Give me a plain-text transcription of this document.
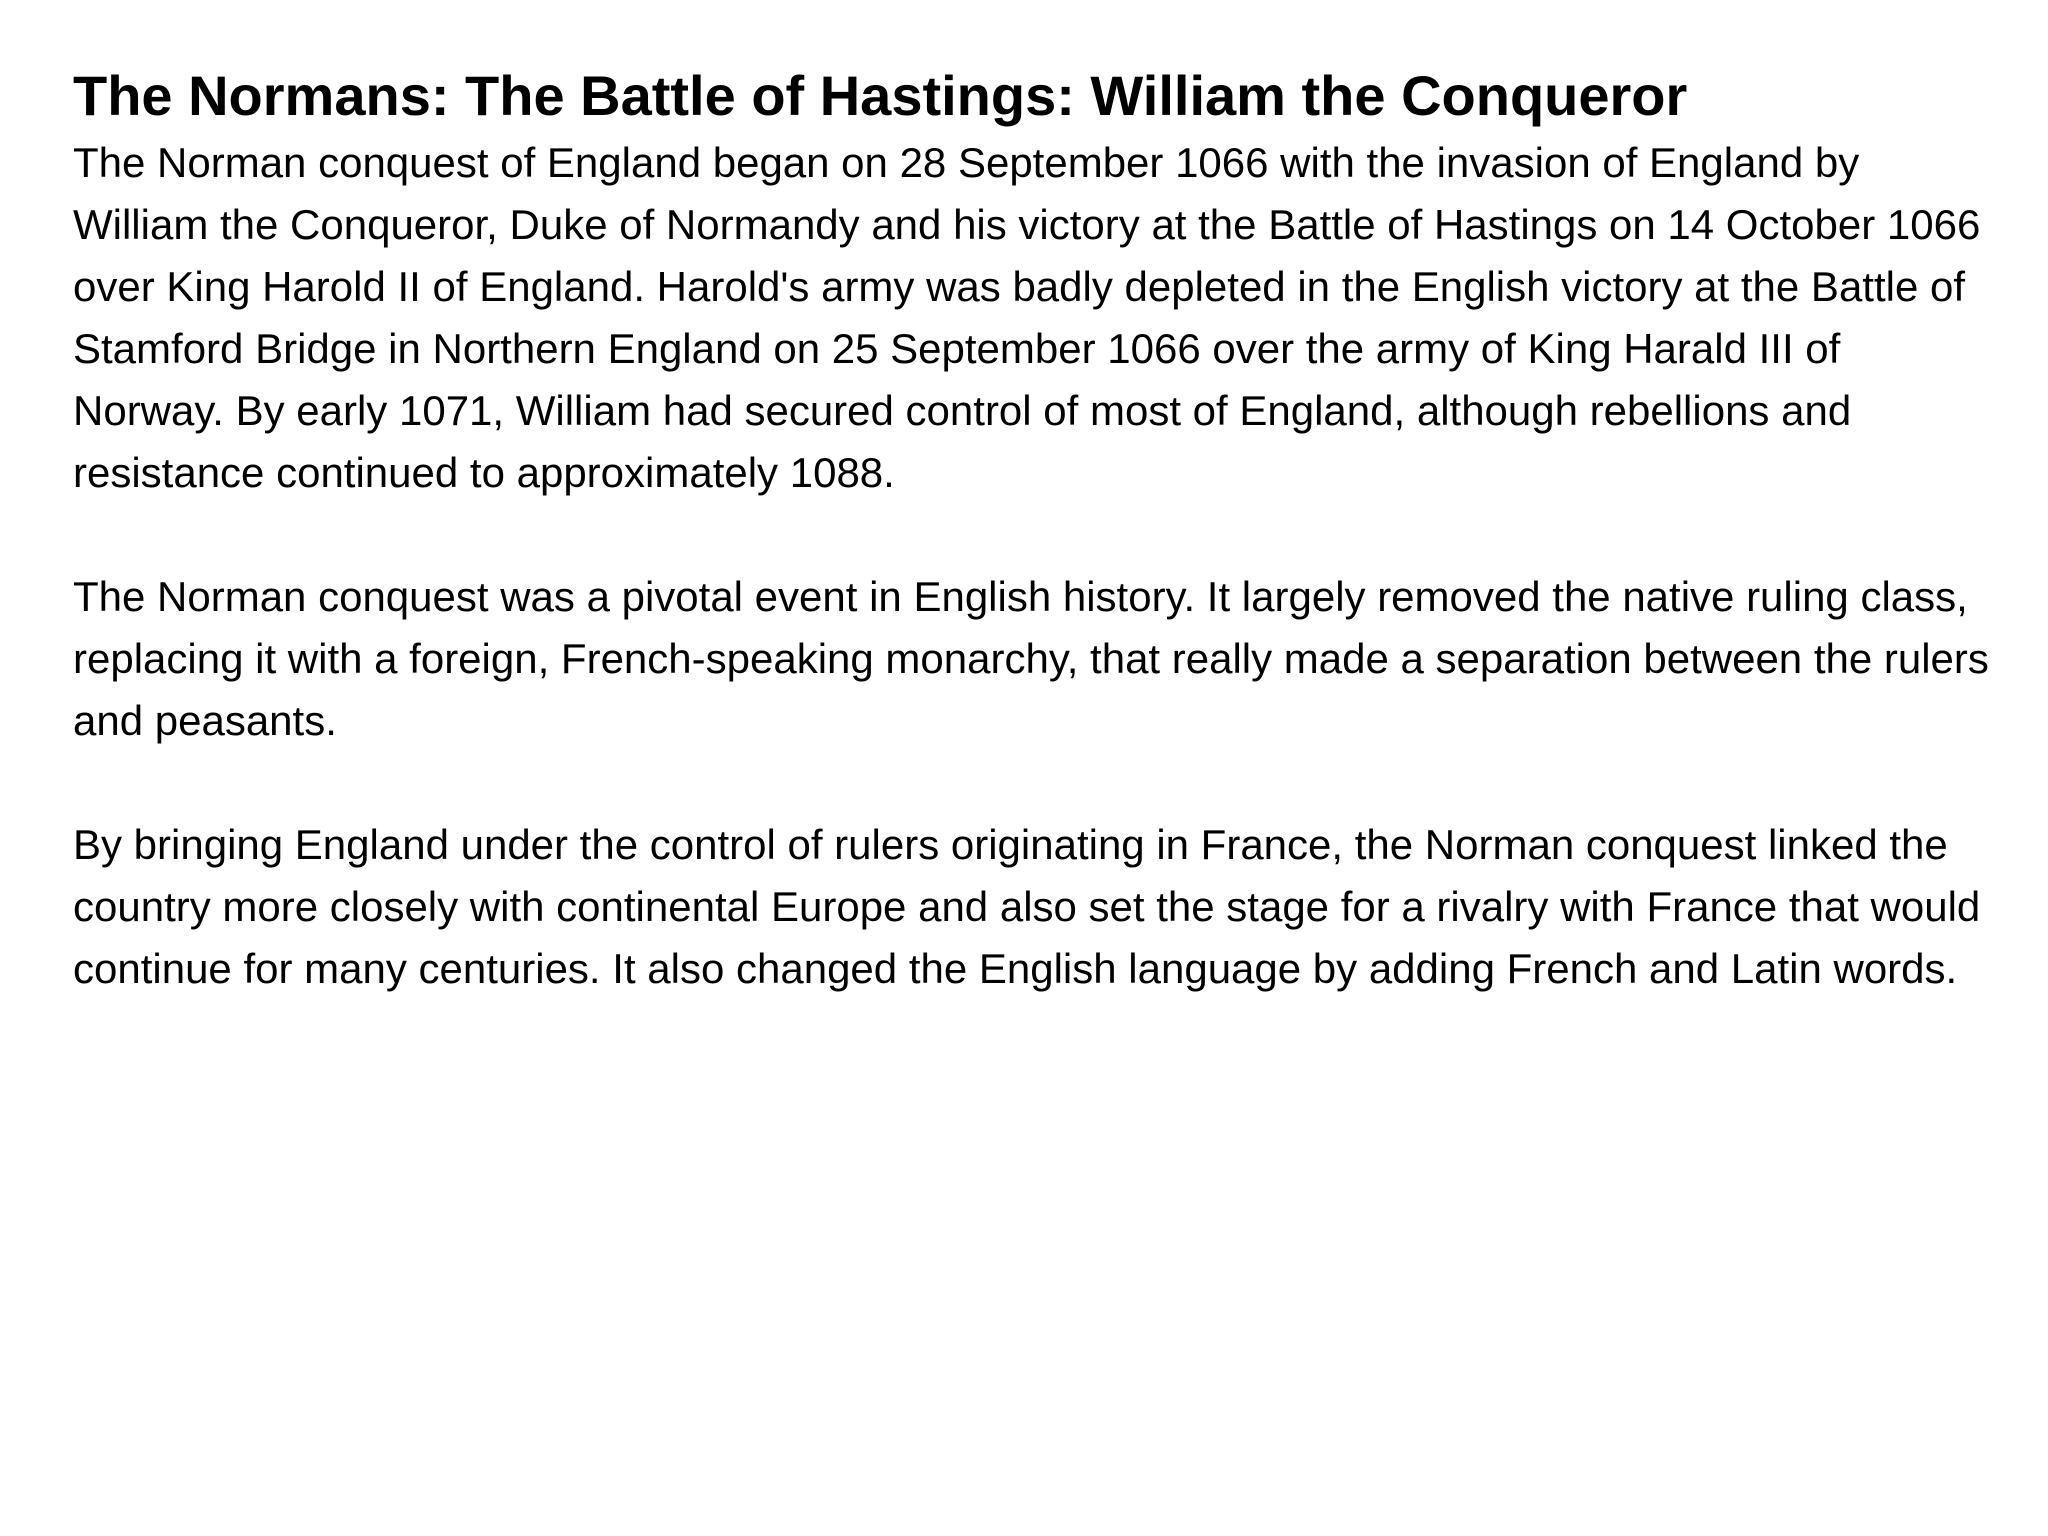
The Normans: The Battle of Hastings: William the Conqueror

The Norman conquest of England began on 28 September 1066 with the invasion of England by William the Conqueror, Duke of Normandy and his victory at the Battle of Hastings on 14 October 1066 over King Harold II of England. Harold's army was badly depleted in the English victory at the Battle of Stamford Bridge in Northern England on 25 September 1066 over the army of King Harald III of Norway. By early 1071, William had secured control of most of England, although rebellions and resistance continued to approximately 1088.

The Norman conquest was a pivotal event in English history. It largely removed the native ruling class, replacing it with a foreign, French-speaking monarchy, that really made a separation between the rulers and peasants.

By bringing England under the control of rulers originating in France, the Norman conquest linked the country more closely with continental Europe and also set the stage for a rivalry with France that would continue for many centuries. It also changed the English language by adding French and Latin words.
